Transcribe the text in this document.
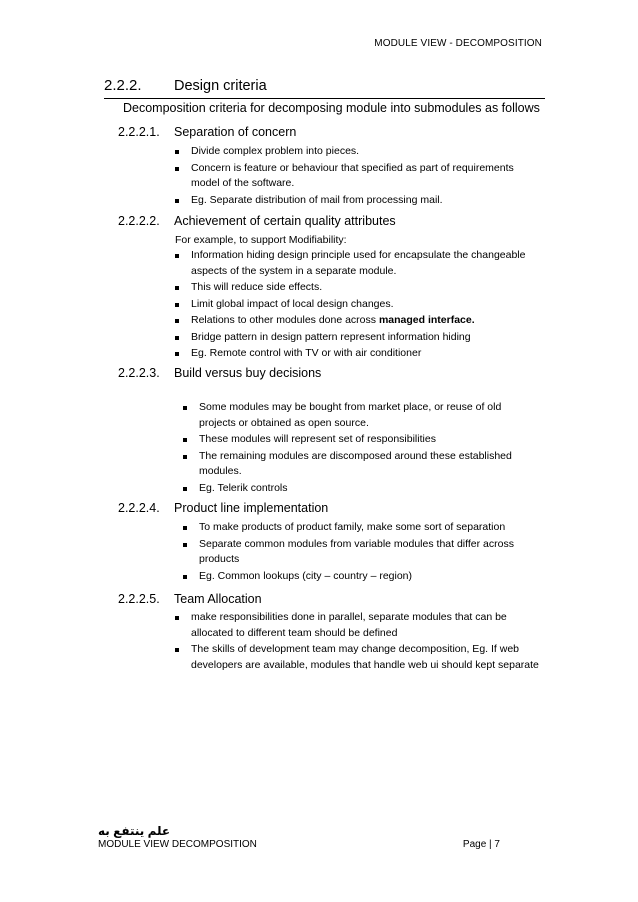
MODULE VIEW - DECOMPOSITION
2.2.2. Design criteria
Decomposition criteria for decomposing module into submodules as follows
2.2.2.1. Separation of concern
Divide complex problem into pieces.
Concern is feature or behaviour that specified as part of requirements model of the software.
Eg. Separate distribution of mail from processing mail.
2.2.2.2. Achievement of certain quality attributes
For example, to support Modifiability:
Information hiding design principle used for encapsulate the changeable aspects of the system in a separate module.
This will reduce side effects.
Limit global impact of local design changes.
Relations to other modules done across managed interface.
Bridge pattern in design pattern represent information hiding
Eg. Remote control with TV or with air conditioner
2.2.2.3. Build versus buy decisions
Some modules may be bought from market place, or reuse of old projects or obtained as open source.
These modules will represent set of responsibilities
The remaining modules are discomposed around these established modules.
Eg. Telerik controls
2.2.2.4. Product line implementation
To make products of product family, make some sort of separation
Separate common modules from variable modules that differ across products
Eg. Common lookups (city – country – region)
2.2.2.5. Team Allocation
make responsibilities done in parallel, separate modules that can be allocated to different team should be defined
The skills of development team may change decomposition, Eg. If web developers are available, modules that handle web ui should kept separate
علم ينتفع به
MODULE VIEW DECOMPOSITION	Page | 7
